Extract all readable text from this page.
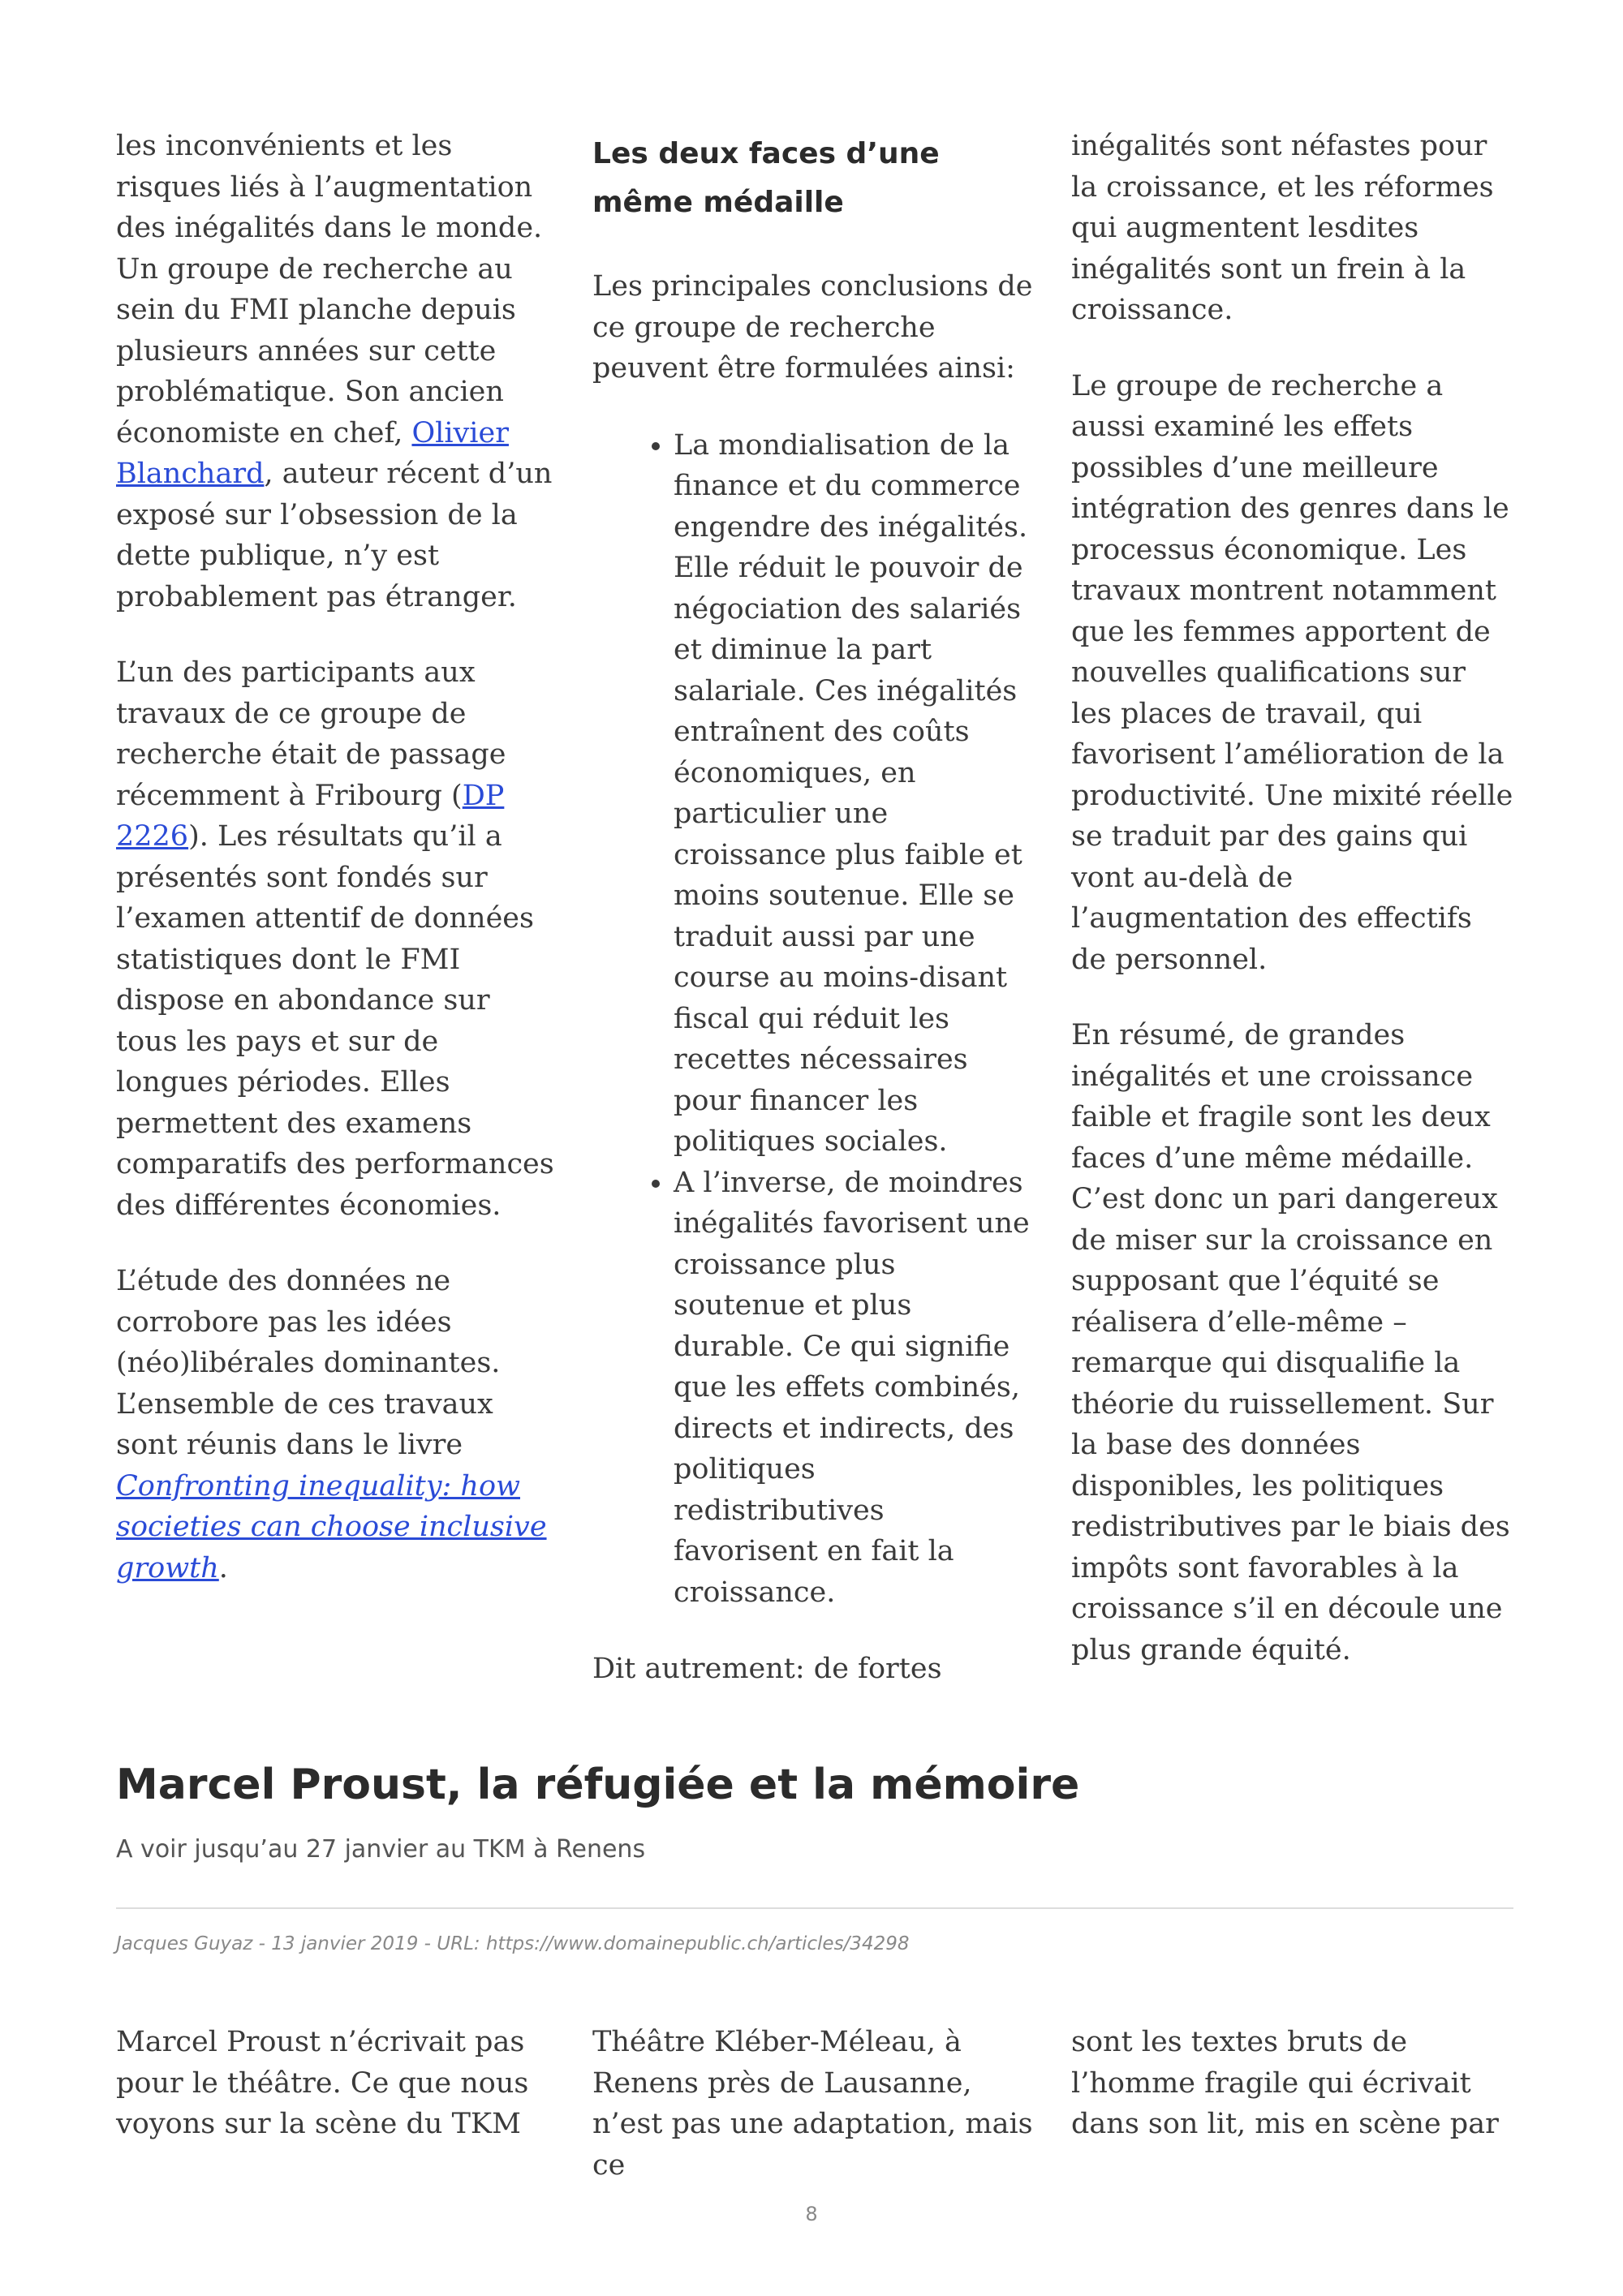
les inconvénients et les risques liés à l’augmentation des inégalités dans le monde. Un groupe de recherche au sein du FMI planche depuis plusieurs années sur cette problématique. Son ancien économiste en chef, Olivier Blanchard, auteur récent d’un exposé sur l’obsession de la dette publique, n’y est probablement pas étranger.

L’un des participants aux travaux de ce groupe de recherche était de passage récemment à Fribourg (DP 2226). Les résultats qu’il a présentés sont fondés sur l’examen attentif de données statistiques dont le FMI dispose en abondance sur tous les pays et sur de longues périodes. Elles permettent des examens comparatifs des performances des différentes économies.

L’étude des données ne corrobore pas les idées (néo)libérales dominantes. L’ensemble de ces travaux sont réunis dans le livre Confronting inequality: how societies can choose inclusive growth.

Les deux faces d’une même médaille

Les principales conclusions de ce groupe de recherche peuvent être formulées ainsi:

• La mondialisation de la finance et du commerce engendre des inégalités. Elle réduit le pouvoir de négociation des salariés et diminue la part salariale. Ces inégalités entraînent des coûts économiques, en particulier une croissance plus faible et moins soutenue. Elle se traduit aussi par une course au moins-disant fiscal qui réduit les recettes nécessaires pour financer les politiques sociales.
• A l’inverse, de moindres inégalités favorisent une croissance plus soutenue et plus durable. Ce qui signifie que les effets combinés, directs et indirects, des politiques redistributives favorisent en fait la croissance.

Dit autrement: de fortes

inégalités sont néfastes pour la croissance, et les réformes qui augmentent lesdites inégalités sont un frein à la croissance.

Le groupe de recherche a aussi examiné les effets possibles d’une meilleure intégration des genres dans le processus économique. Les travaux montrent notamment que les femmes apportent de nouvelles qualifications sur les places de travail, qui favorisent l’amélioration de la productivité. Une mixité réelle se traduit par des gains qui vont au-delà de l’augmentation des effectifs de personnel.

En résumé, de grandes inégalités et une croissance faible et fragile sont les deux faces d’une même médaille. C’est donc un pari dangereux de miser sur la croissance en supposant que l’équité se réalisera d’elle-même – remarque qui disqualifie la théorie du ruissellement. Sur la base des données disponibles, les politiques redistributives par le biais des impôts sont favorables à la croissance s’il en découle une plus grande équité.

Marcel Proust, la réfugiée et la mémoire
A voir jusqu’au 27 janvier au TKM à Renens
Jacques Guyaz - 13 janvier 2019 - URL: https://www.domainepublic.ch/articles/34298

Marcel Proust n’écrivait pas pour le théâtre. Ce que nous voyons sur la scène du TKM

Théâtre Kléber-Méleau, à Renens près de Lausanne, n’est pas une adaptation, mais ce

sont les textes bruts de l’homme fragile qui écrivait dans son lit, mis en scène par

8
